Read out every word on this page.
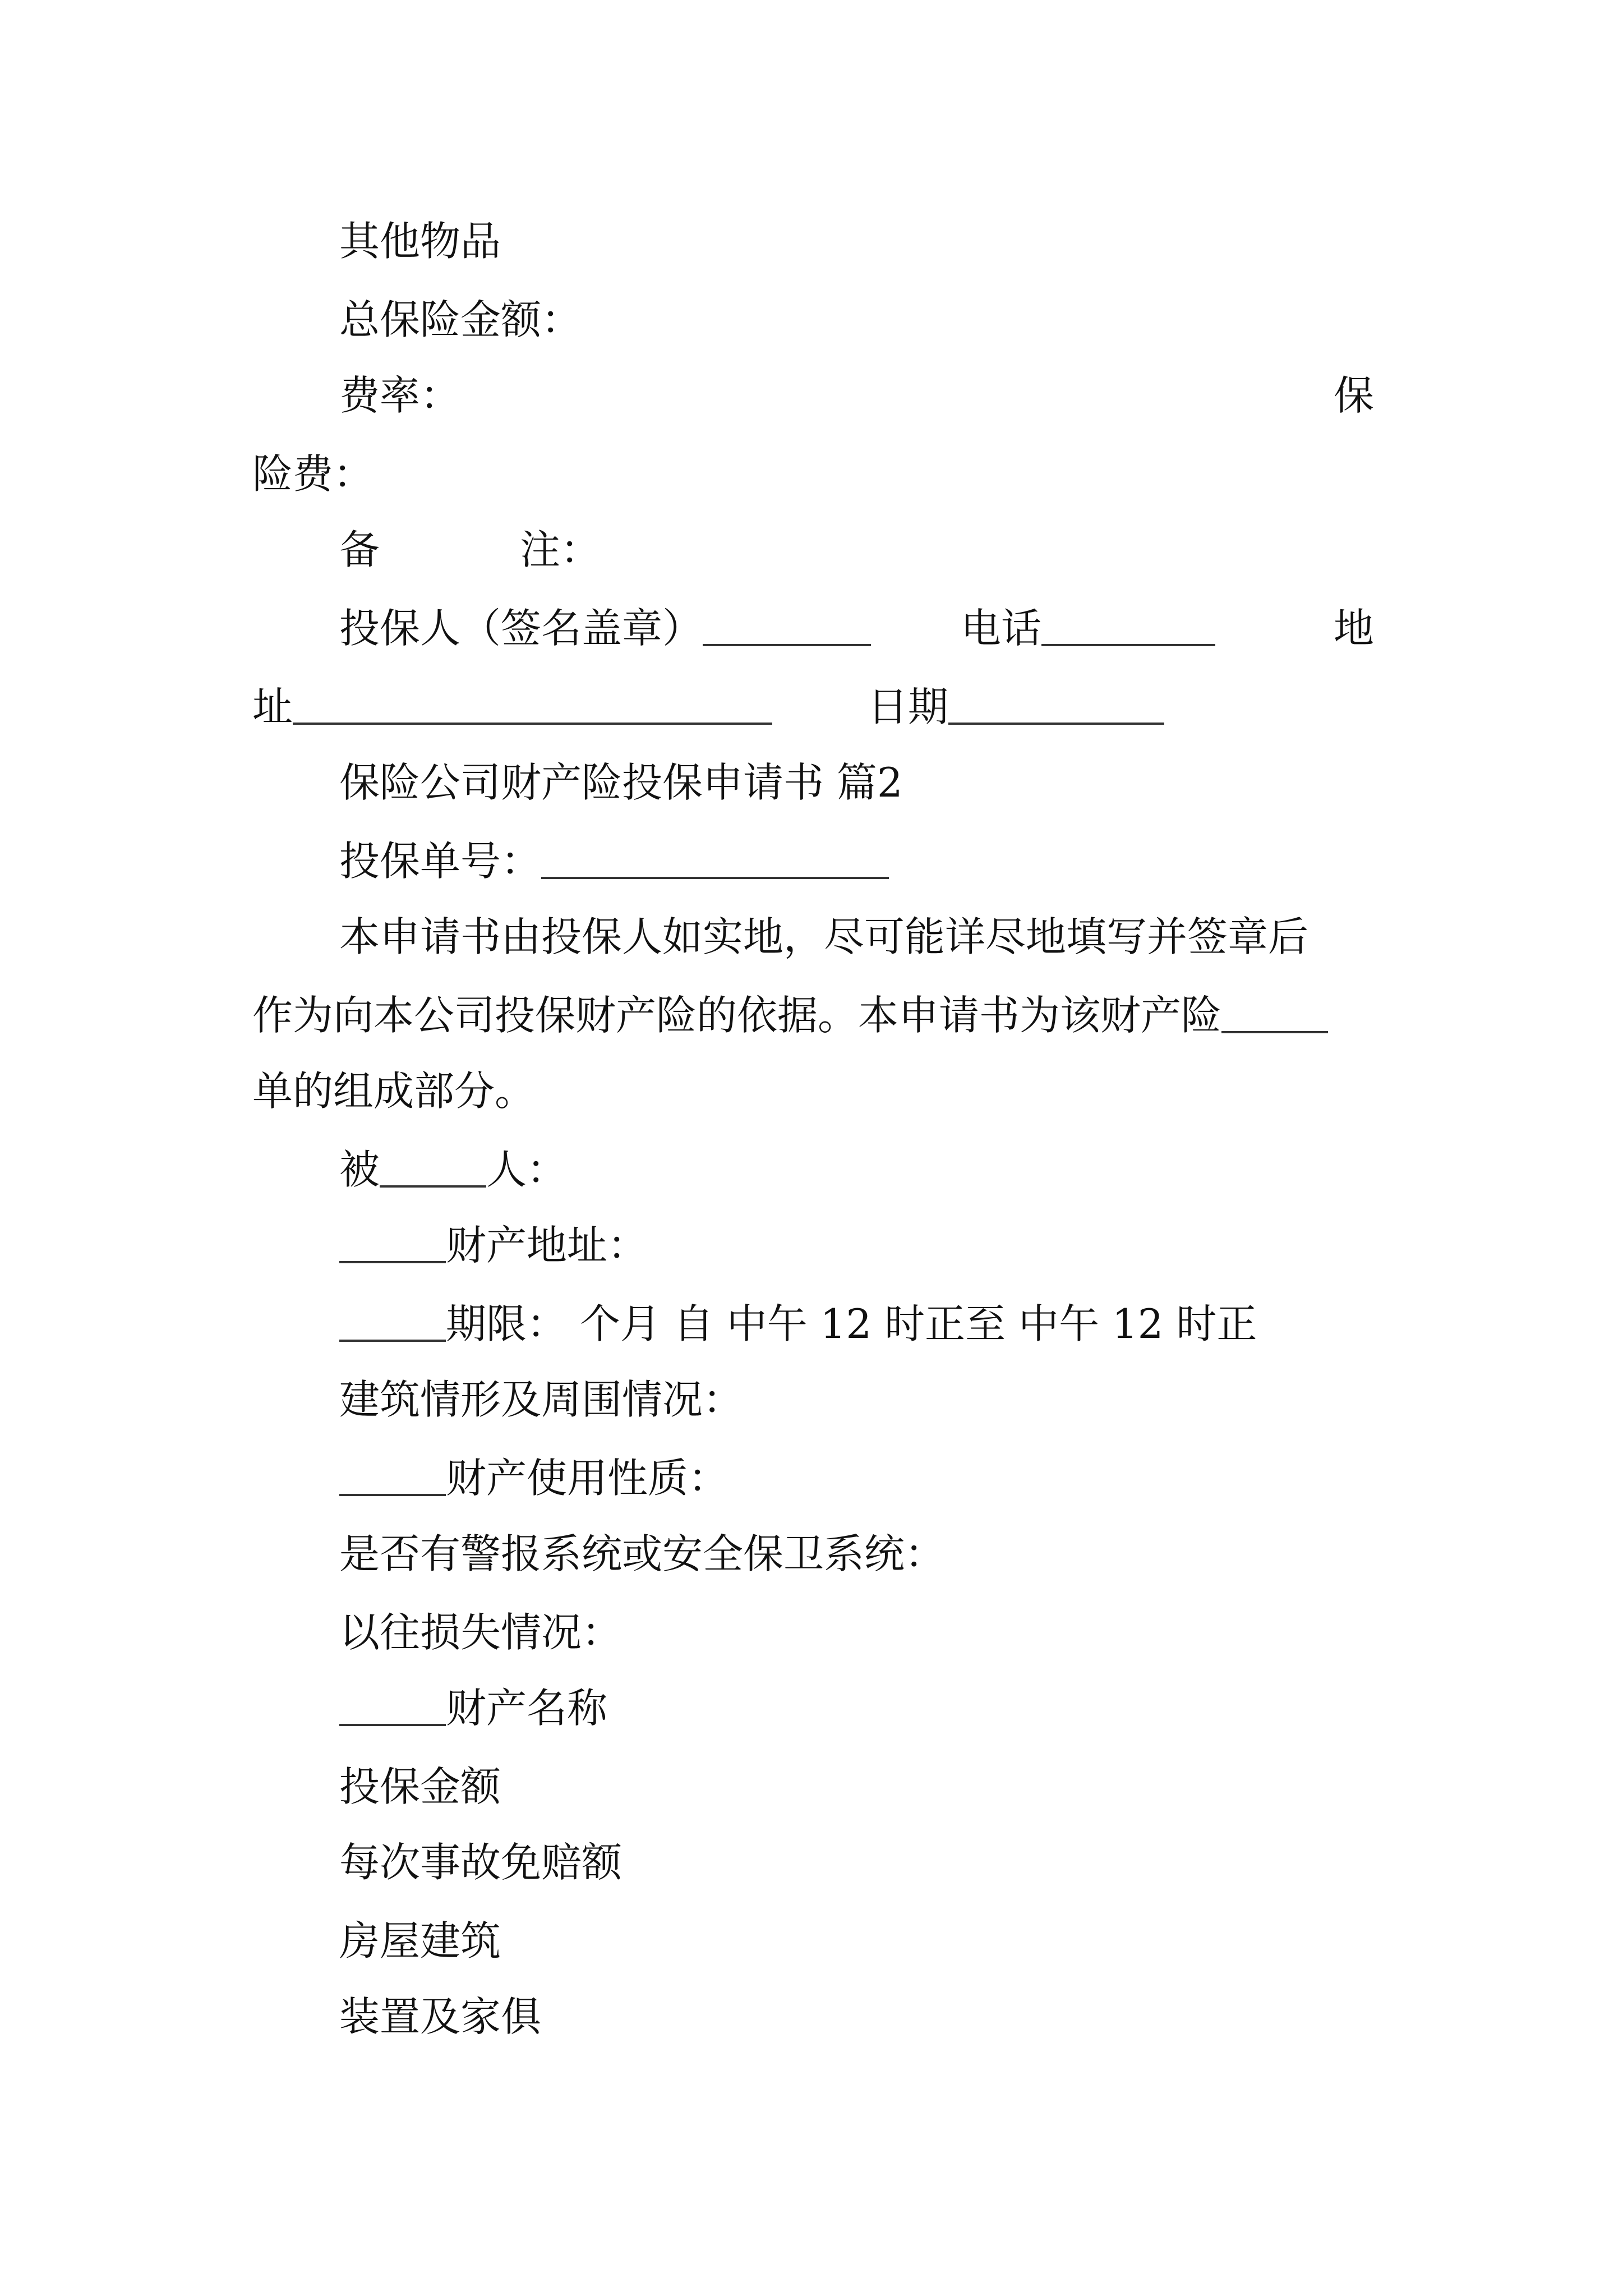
其他物品
总保险金额：
费率：	保
险费：
备	注：
投保人（签名盖章）	电话	地
址	日期
保险公司财产险投保申请书 篇2
投保单号：
本申请书由投保人如实地，尽可能详尽地填写并签章后
作为向本公司投保财产险的依据。本申请书为该财产险
单的组成部分。
被	人：
财产地址：
期限： 个月 自 中午 12 时正至 中午 12 时正
建筑情形及周围情况：
财产使用性质：
是否有警报系统或安全保卫系统：
以往损失情况：
财产名称
投保金额
每次事故免赔额
房屋建筑
装置及家俱
